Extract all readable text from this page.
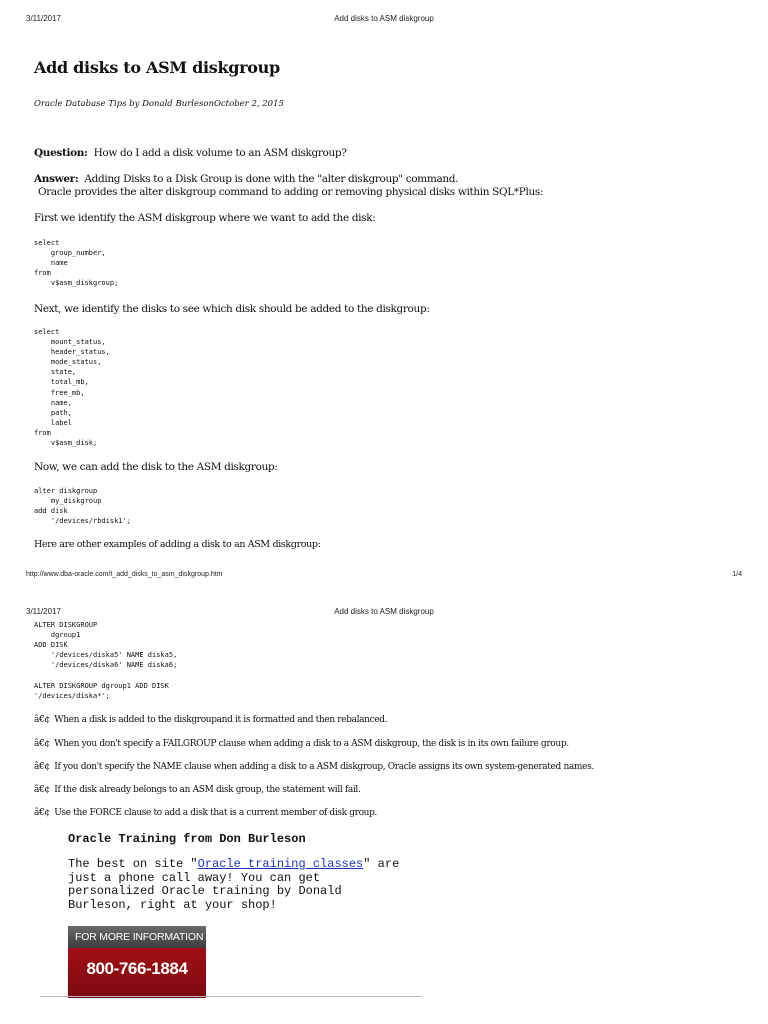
3/11/2017	Add disks to ASM diskgroup
Add disks to ASM diskgroup
Oracle Database Tips by Donald BurlesonOctober 2, 2015

Question: How do I add a disk volume to an ASM diskgroup?

Answer: Adding Disks to a Disk Group is done with the "alter diskgroup" command.

Oracle provides the alter diskgroup command to adding or removing physical disks within SQL*Plus:

First we identify the ASM diskgroup where we want to add the disk:

select
group_number,
name
from
v$asm_diskgroup;

Next, we identify the disks to see which disk should be added to the diskgroup:

select
mount_status,
header_status,
mode_status,
state,
total_mb,
free_mb,
name,
path,
label
from
v$asm_disk;

Now, we can add the disk to the ASM diskgroup:

alter diskgroup
my_diskgroup
add disk
'/devices/rbdisk1';

Here are other examples of adding a disk to an ASM diskgroup:

http://www.dba-oracle.com/t_add_disks_to_asm_diskgroup.htm	1/4
3/11/2017	Add disks to ASM diskgroup
ALTER DISKGROUP
dgroup1
ADD DISK
'/devices/diska5' NAME diska5,
'/devices/diska6' NAME diska6;

ALTER DISKGROUP dgroup1 ADD DISK
'/devices/diska*';
â€¢ When a disk is added to the diskgroupand it is formatted and then rebalanced.
â€¢ When you don't specify a FAILGROUP clause when adding a disk to a ASM diskgroup, the disk is in its own failure group.
â€¢ If you don't specify the NAME clause when adding a disk to a ASM diskgroup, Oracle assigns its own system-generated names.
â€¢ If the disk already belongs to an ASM disk group, the statement will fail.
â€¢ Use the FORCE clause to add a disk that is a current member of disk group.
Oracle Training from Don Burleson
The best on site "Oracle training classes" are
just a phone call away! You can get
personalized Oracle training by Donald
Burleson, right at your shop!
FOR MORE INFORMATION
800-766-1884
